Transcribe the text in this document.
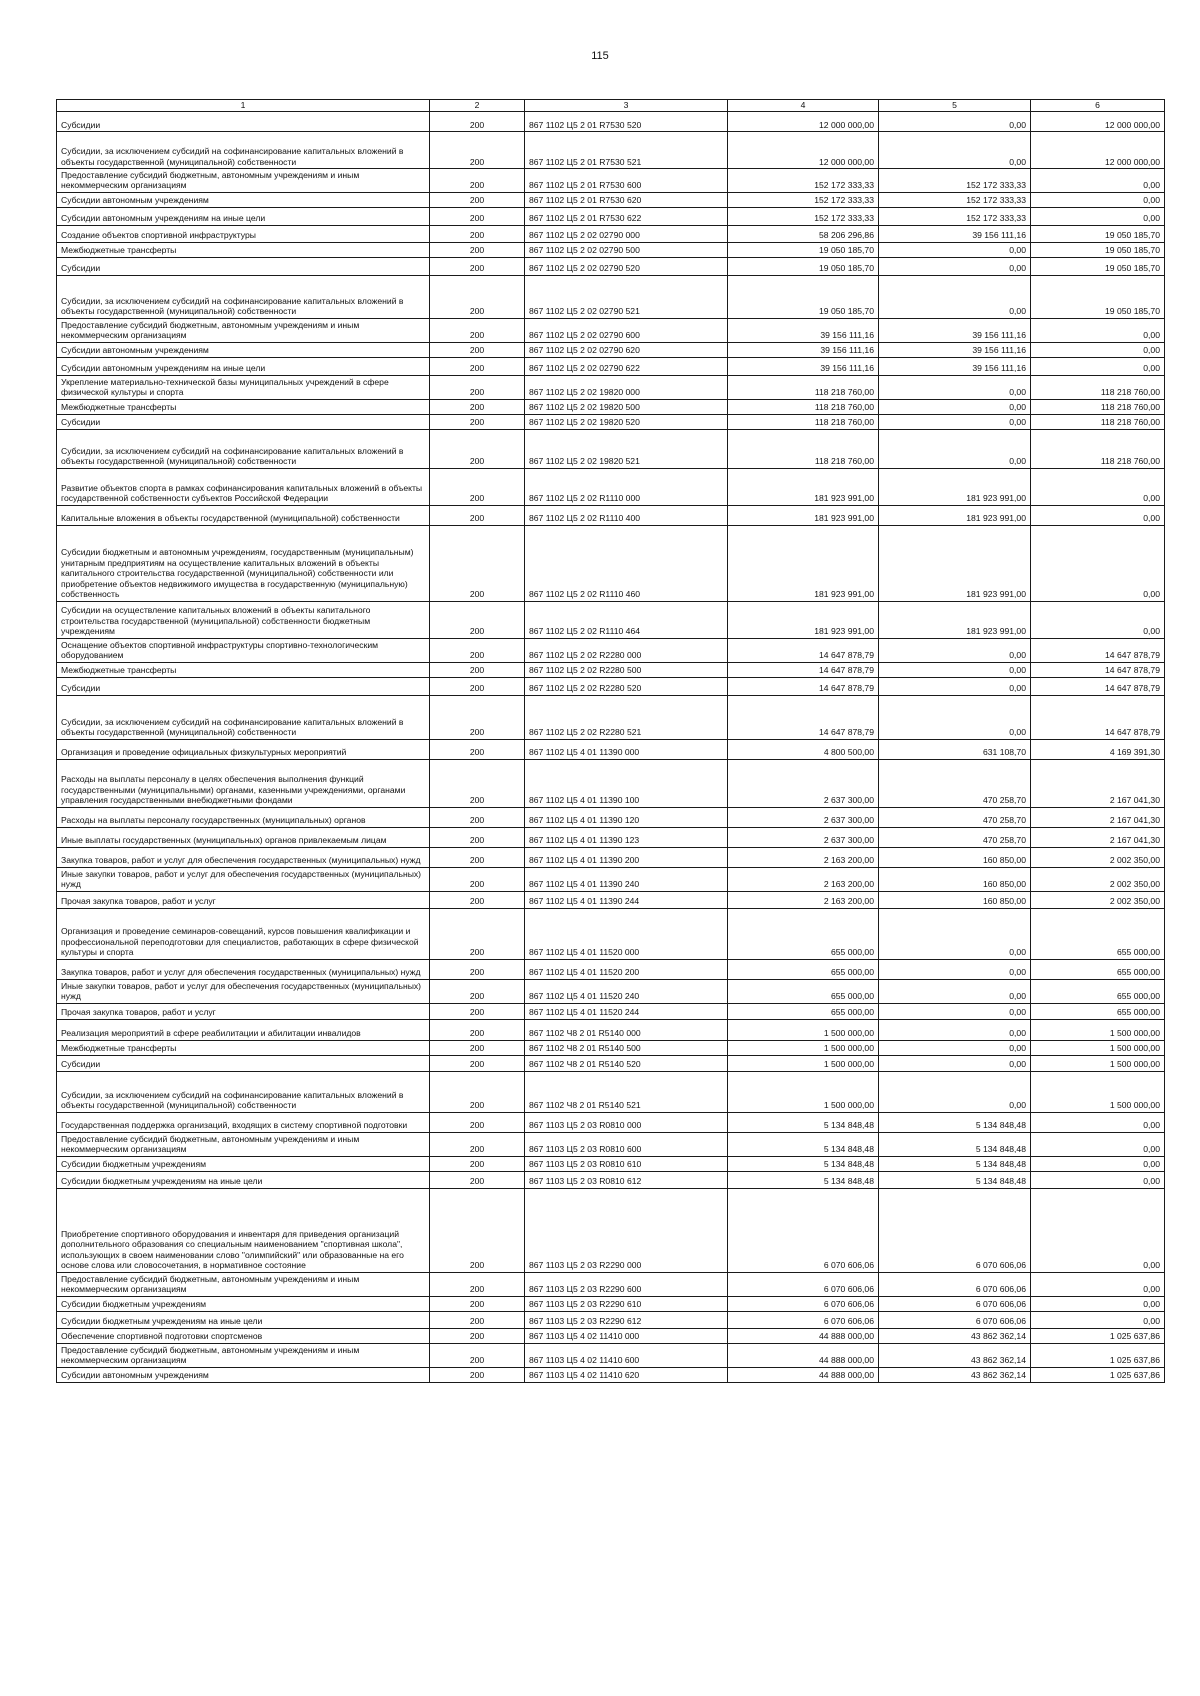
115
1	2	3	4	5	6
Субсидии	200	867 1102 Ц5 2 01 R7530 520	12 000 000,00	0,00	12 000 000,00
Субсидии, за исключением субсидий на софинансирование капитальных вложений в объекты государственной (муниципальной) собственности	200	867 1102 Ц5 2 01 R7530 521	12 000 000,00	0,00	12 000 000,00
Предоставление субсидий бюджетным, автономным учреждениям и иным некоммерческим организациям	200	867 1102 Ц5 2 01 R7530 600	152 172 333,33	152 172 333,33	0,00
Субсидии автономным учреждениям	200	867 1102 Ц5 2 01 R7530 620	152 172 333,33	152 172 333,33	0,00
Субсидии автономным учреждениям на иные цели	200	867 1102 Ц5 2 01 R7530 622	152 172 333,33	152 172 333,33	0,00
Создание объектов спортивной инфраструктуры	200	867 1102 Ц5 2 02 02790 000	58 206 296,86	39 156 111,16	19 050 185,70
Межбюджетные трансферты	200	867 1102 Ц5 2 02 02790 500	19 050 185,70	0,00	19 050 185,70
Субсидии	200	867 1102 Ц5 2 02 02790 520	19 050 185,70	0,00	19 050 185,70
Субсидии, за исключением субсидий на софинансирование капитальных вложений в объекты государственной (муниципальной) собственности	200	867 1102 Ц5 2 02 02790 521	19 050 185,70	0,00	19 050 185,70
Предоставление субсидий бюджетным, автономным учреждениям и иным некоммерческим организациям	200	867 1102 Ц5 2 02 02790 600	39 156 111,16	39 156 111,16	0,00
Субсидии автономным учреждениям	200	867 1102 Ц5 2 02 02790 620	39 156 111,16	39 156 111,16	0,00
Субсидии автономным учреждениям на иные цели	200	867 1102 Ц5 2 02 02790 622	39 156 111,16	39 156 111,16	0,00
Укрепление материально-технической базы муниципальных учреждений в сфере физической культуры и спорта	200	867 1102 Ц5 2 02 19820 000	118 218 760,00	0,00	118 218 760,00
Межбюджетные трансферты	200	867 1102 Ц5 2 02 19820 500	118 218 760,00	0,00	118 218 760,00
Субсидии	200	867 1102 Ц5 2 02 19820 520	118 218 760,00	0,00	118 218 760,00
Субсидии, за исключением субсидий на софинансирование капитальных вложений в объекты государственной (муниципальной) собственности	200	867 1102 Ц5 2 02 19820 521	118 218 760,00	0,00	118 218 760,00
Развитие объектов спорта в рамках софинансирования капитальных вложений в объекты государственной собственности субъектов Российской Федерации	200	867 1102 Ц5 2 02 R1110 000	181 923 991,00	181 923 991,00	0,00
Капитальные вложения в объекты государственной (муниципальной) собственности	200	867 1102 Ц5 2 02 R1110 400	181 923 991,00	181 923 991,00	0,00
Субсидии бюджетным и автономным учреждениям, государственным (муниципальным) унитарным предприятиям на осуществление капитальных вложений в объекты капитального строительства государственной (муниципальной) собственности или приобретение объектов недвижимого имущества в государственную (муниципальную) собственность	200	867 1102 Ц5 2 02 R1110 460	181 923 991,00	181 923 991,00	0,00
Субсидии на осуществление капитальных вложений в объекты капитального строительства государственной (муниципальной) собственности бюджетным учреждениям	200	867 1102 Ц5 2 02 R1110 464	181 923 991,00	181 923 991,00	0,00
Оснащение объектов спортивной инфраструктуры спортивно-технологическим оборудованием	200	867 1102 Ц5 2 02 R2280 000	14 647 878,79	0,00	14 647 878,79
Межбюджетные трансферты	200	867 1102 Ц5 2 02 R2280 500	14 647 878,79	0,00	14 647 878,79
Субсидии	200	867 1102 Ц5 2 02 R2280 520	14 647 878,79	0,00	14 647 878,79
Субсидии, за исключением субсидий на софинансирование капитальных вложений в объекты государственной (муниципальной) собственности	200	867 1102 Ц5 2 02 R2280 521	14 647 878,79	0,00	14 647 878,79
Организация и проведение официальных физкультурных мероприятий	200	867 1102 Ц5 4 01 11390 000	4 800 500,00	631 108,70	4 169 391,30
Расходы на выплаты персоналу в целях обеспечения выполнения функций государственными (муниципальными) органами, казенными учреждениями, органами управления государственными внебюджетными фондами	200	867 1102 Ц5 4 01 11390 100	2 637 300,00	470 258,70	2 167 041,30
Расходы на выплаты персоналу государственных (муниципальных) органов	200	867 1102 Ц5 4 01 11390 120	2 637 300,00	470 258,70	2 167 041,30
Иные выплаты государственных (муниципальных) органов привлекаемым лицам	200	867 1102 Ц5 4 01 11390 123	2 637 300,00	470 258,70	2 167 041,30
Закупка товаров, работ и услуг для обеспечения государственных (муниципальных) нужд	200	867 1102 Ц5 4 01 11390 200	2 163 200,00	160 850,00	2 002 350,00
Иные закупки товаров, работ и услуг для обеспечения государственных (муниципальных) нужд	200	867 1102 Ц5 4 01 11390 240	2 163 200,00	160 850,00	2 002 350,00
Прочая закупка товаров, работ и услуг	200	867 1102 Ц5 4 01 11390 244	2 163 200,00	160 850,00	2 002 350,00
Организация и проведение семинаров-совещаний, курсов повышения квалификации и профессиональной переподготовки для специалистов, работающих в сфере физической культуры и спорта	200	867 1102 Ц5 4 01 11520 000	655 000,00	0,00	655 000,00
Закупка товаров, работ и услуг для обеспечения государственных (муниципальных) нужд	200	867 1102 Ц5 4 01 11520 200	655 000,00	0,00	655 000,00
Иные закупки товаров, работ и услуг для обеспечения государственных (муниципальных) нужд	200	867 1102 Ц5 4 01 11520 240	655 000,00	0,00	655 000,00
Прочая закупка товаров, работ и услуг	200	867 1102 Ц5 4 01 11520 244	655 000,00	0,00	655 000,00
Реализация мероприятий в сфере реабилитации и абилитации инвалидов	200	867 1102 Ч8 2 01 R5140 000	1 500 000,00	0,00	1 500 000,00
Межбюджетные трансферты	200	867 1102 Ч8 2 01 R5140 500	1 500 000,00	0,00	1 500 000,00
Субсидии	200	867 1102 Ч8 2 01 R5140 520	1 500 000,00	0,00	1 500 000,00
Субсидии, за исключением субсидий на софинансирование капитальных вложений в объекты государственной (муниципальной) собственности	200	867 1102 Ч8 2 01 R5140 521	1 500 000,00	0,00	1 500 000,00
Государственная поддержка организаций, входящих в систему спортивной подготовки	200	867 1103 Ц5 2 03 R0810 000	5 134 848,48	5 134 848,48	0,00
Предоставление субсидий бюджетным, автономным учреждениям и иным некоммерческим организациям	200	867 1103 Ц5 2 03 R0810 600	5 134 848,48	5 134 848,48	0,00
Субсидии бюджетным учреждениям	200	867 1103 Ц5 2 03 R0810 610	5 134 848,48	5 134 848,48	0,00
Субсидии бюджетным учреждениям на иные цели	200	867 1103 Ц5 2 03 R0810 612	5 134 848,48	5 134 848,48	0,00
Приобретение спортивного оборудования и инвентаря для приведения организаций дополнительного образования со специальным наименованием "спортивная школа", использующих в своем наименовании слово "олимпийский" или образованные на его основе слова или словосочетания, в нормативное состояние	200	867 1103 Ц5 2 03 R2290 000	6 070 606,06	6 070 606,06	0,00
Предоставление субсидий бюджетным, автономным учреждениям и иным некоммерческим организациям	200	867 1103 Ц5 2 03 R2290 600	6 070 606,06	6 070 606,06	0,00
Субсидии бюджетным учреждениям	200	867 1103 Ц5 2 03 R2290 610	6 070 606,06	6 070 606,06	0,00
Субсидии бюджетным учреждениям на иные цели	200	867 1103 Ц5 2 03 R2290 612	6 070 606,06	6 070 606,06	0,00
Обеспечение спортивной подготовки спортсменов	200	867 1103 Ц5 4 02 11410 000	44 888 000,00	43 862 362,14	1 025 637,86
Предоставление субсидий бюджетным, автономным учреждениям и иным некоммерческим организациям	200	867 1103 Ц5 4 02 11410 600	44 888 000,00	43 862 362,14	1 025 637,86
Субсидии автономным учреждениям	200	867 1103 Ц5 4 02 11410 620	44 888 000,00	43 862 362,14	1 025 637,86
